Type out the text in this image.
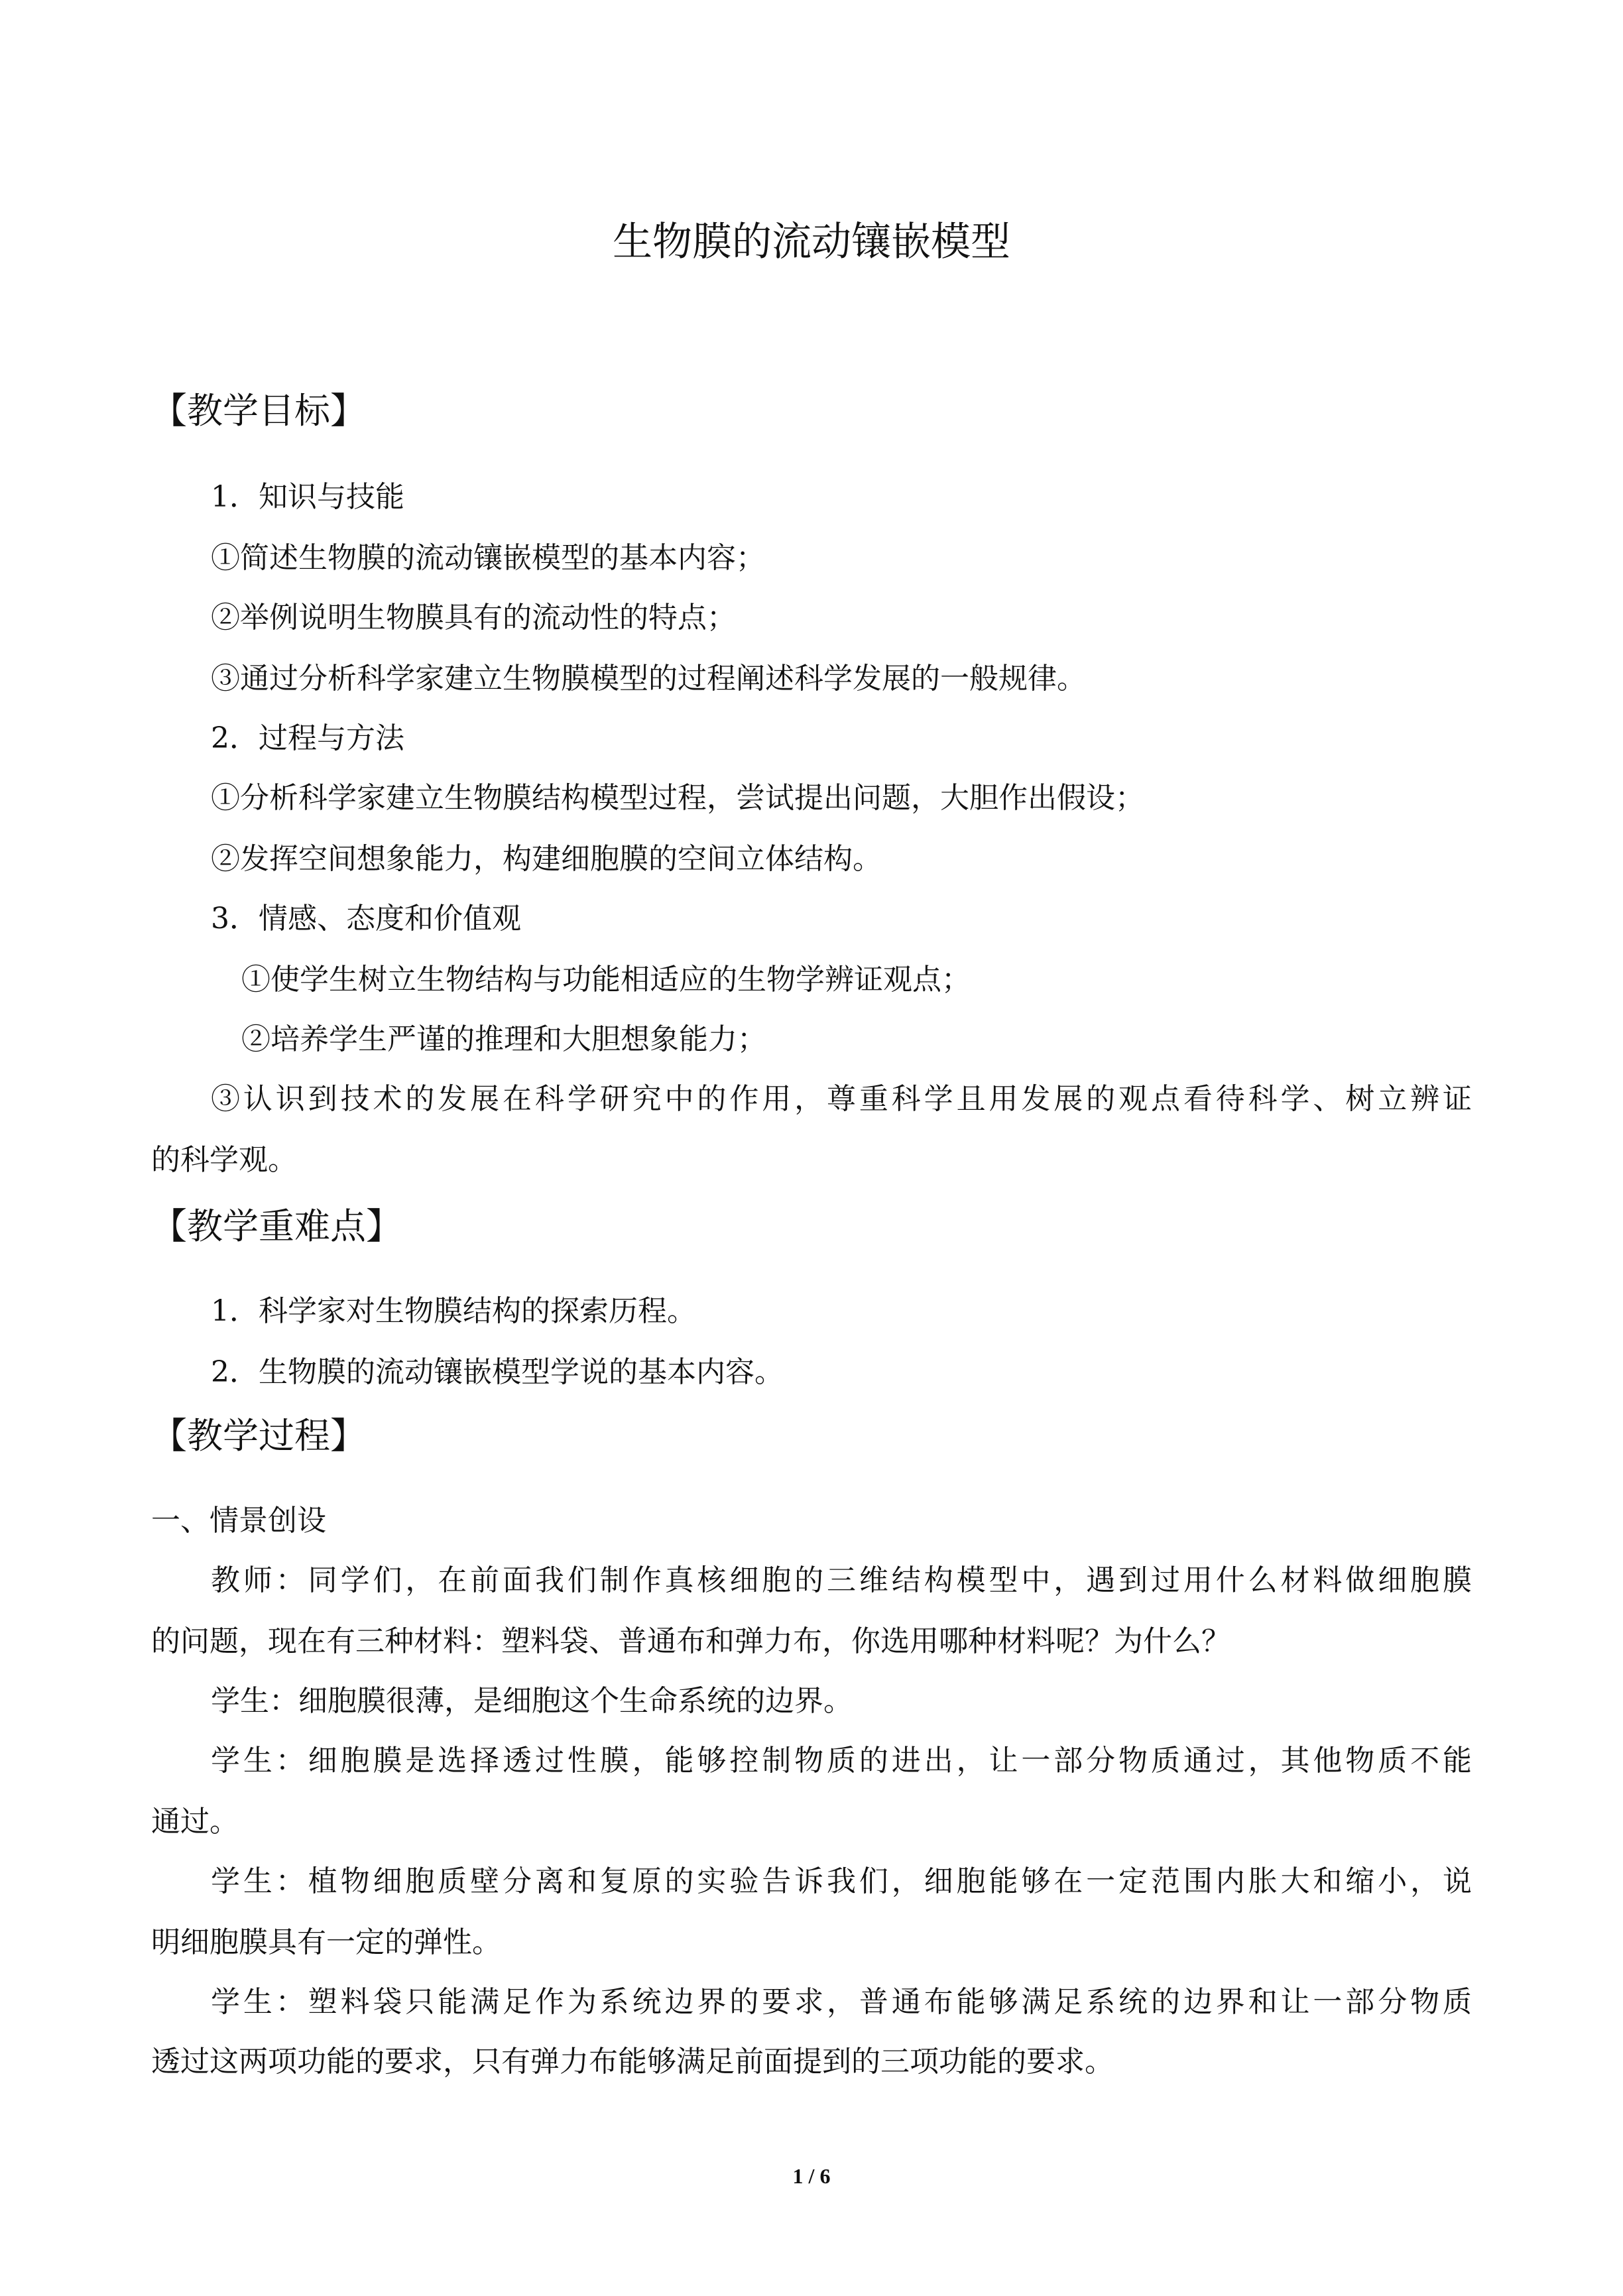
生物膜的流动镶嵌模型
【教学目标】
1．知识与技能
①简述生物膜的流动镶嵌模型的基本内容；
②举例说明生物膜具有的流动性的特点；
③通过分析科学家建立生物膜模型的过程阐述科学发展的一般规律。
2．过程与方法
①分析科学家建立生物膜结构模型过程，尝试提出问题，大胆作出假设；
②发挥空间想象能力，构建细胞膜的空间立体结构。
3．情感、态度和价值观
①使学生树立生物结构与功能相适应的生物学辨证观点；
②培养学生严谨的推理和大胆想象能力；
③认识到技术的发展在科学研究中的作用，尊重科学且用发展的观点看待科学、树立辨证
的科学观。
【教学重难点】
1．科学家对生物膜结构的探索历程。
2．生物膜的流动镶嵌模型学说的基本内容。
【教学过程】
一、情景创设
教师：同学们，在前面我们制作真核细胞的三维结构模型中，遇到过用什么材料做细胞膜
的问题，现在有三种材料：塑料袋、普通布和弹力布，你选用哪种材料呢？为什么？
学生：细胞膜很薄，是细胞这个生命系统的边界。
学生：细胞膜是选择透过性膜，能够控制物质的进出，让一部分物质通过，其他物质不能
通过。
学生：植物细胞质壁分离和复原的实验告诉我们，细胞能够在一定范围内胀大和缩小，说
明细胞膜具有一定的弹性。
学生：塑料袋只能满足作为系统边界的要求，普通布能够满足系统的边界和让一部分物质
透过这两项功能的要求，只有弹力布能够满足前面提到的三项功能的要求。
1 / 6
